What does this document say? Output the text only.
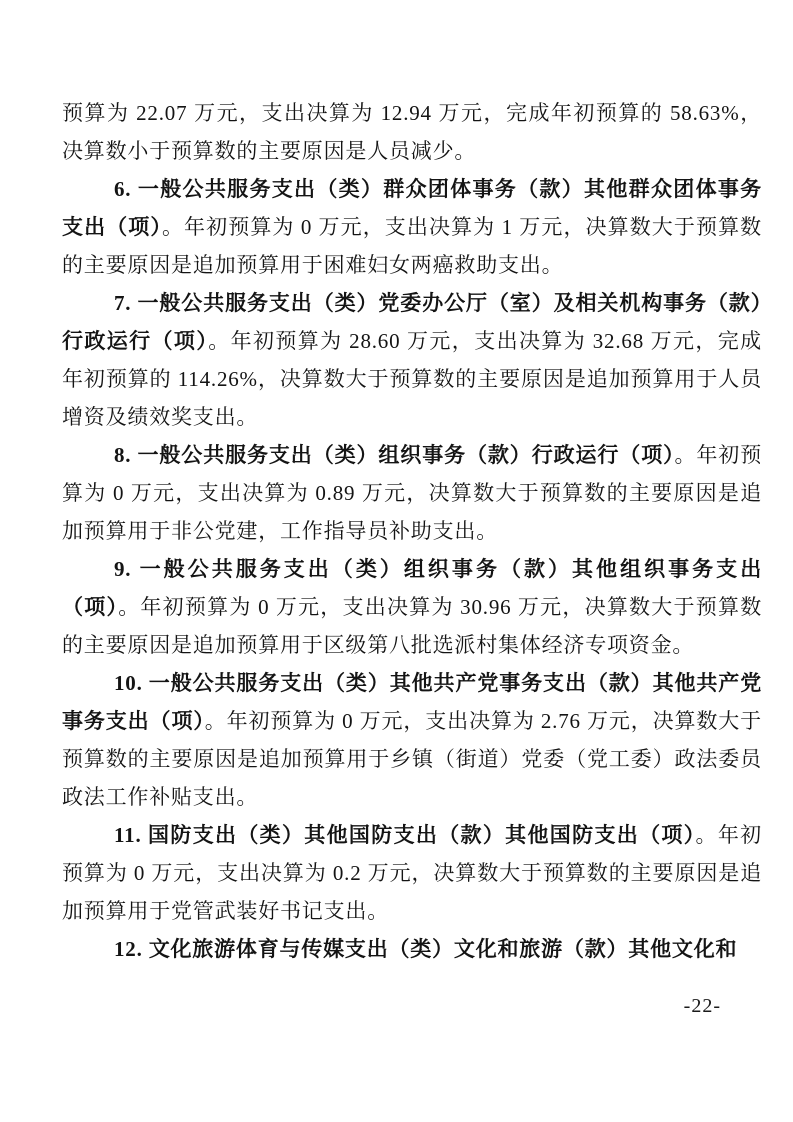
预算为 22.07 万元，支出决算为 12.94 万元，完成年初预算的 58.63%，决算数小于预算数的主要原因是人员减少。

6. 一般公共服务支出（类）群众团体事务（款）其他群众团体事务支出（项）。年初预算为 0 万元，支出决算为 1 万元，决算数大于预算数的主要原因是追加预算用于困难妇女两癌救助支出。

7. 一般公共服务支出（类）党委办公厅（室）及相关机构事务（款）行政运行（项）。年初预算为 28.60 万元，支出决算为 32.68 万元，完成年初预算的 114.26%，决算数大于预算数的主要原因是追加预算用于人员增资及绩效奖支出。

8. 一般公共服务支出（类）组织事务（款）行政运行（项）。年初预算为 0 万元，支出决算为 0.89 万元，决算数大于预算数的主要原因是追加预算用于非公党建，工作指导员补助支出。

9. 一般公共服务支出（类）组织事务（款）其他组织事务支出（项）。年初预算为 0 万元，支出决算为 30.96 万元，决算数大于预算数的主要原因是追加预算用于区级第八批选派村集体经济专项资金。

10. 一般公共服务支出（类）其他共产党事务支出（款）其他共产党事务支出（项）。年初预算为 0 万元，支出决算为 2.76 万元，决算数大于预算数的主要原因是追加预算用于乡镇（街道）党委（党工委）政法委员政法工作补贴支出。

11. 国防支出（类）其他国防支出（款）其他国防支出（项）。年初预算为 0 万元，支出决算为 0.2 万元，决算数大于预算数的主要原因是追加预算用于党管武装好书记支出。

12. 文化旅游体育与传媒支出（类）文化和旅游（款）其他文化和

-22-
